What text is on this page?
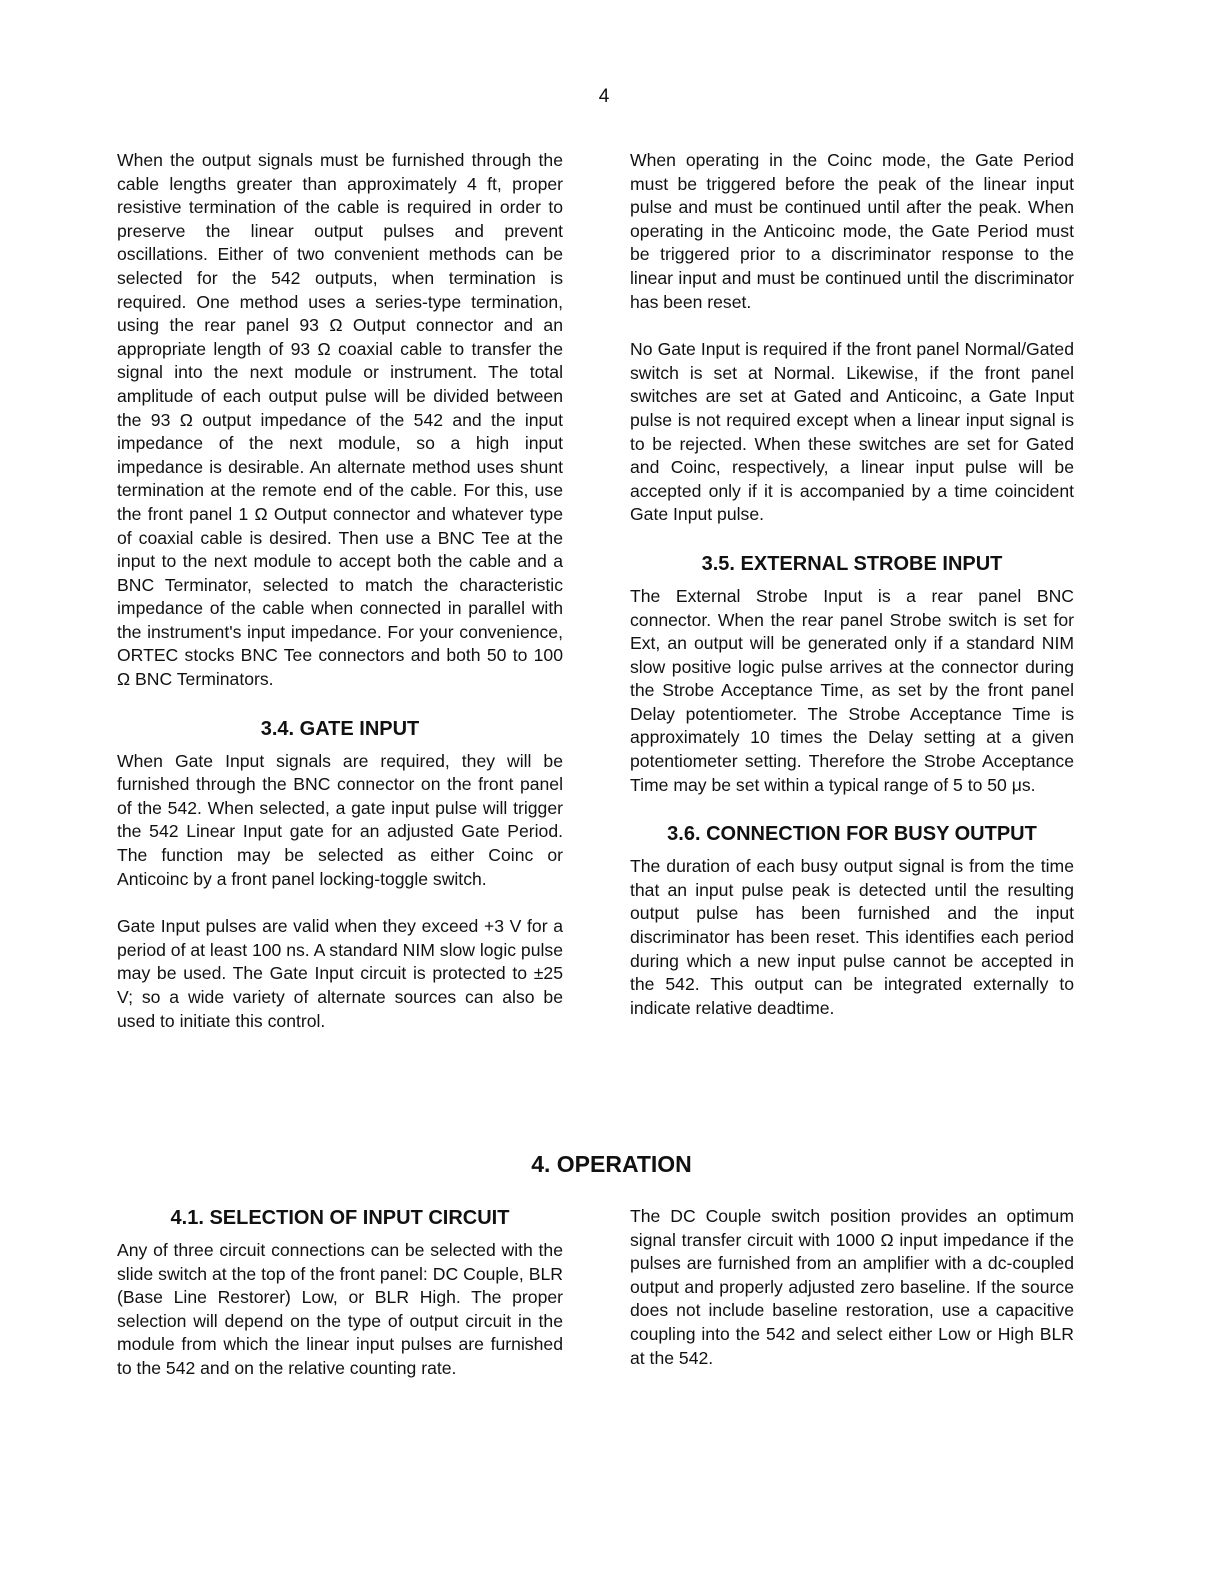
4

When the output signals must be furnished through the cable lengths greater than approximately 4 ft, proper resistive termination of the cable is required in order to preserve the linear output pulses and prevent oscillations. Either of two convenient methods can be selected for the 542 outputs, when termination is required. One method uses a series-type termination, using the rear panel 93 Ω Output connector and an appropriate length of 93 Ω coaxial cable to transfer the signal into the next module or instrument. The total amplitude of each output pulse will be divided between the 93 Ω output impedance of the 542 and the input impedance of the next module, so a high input impedance is desirable. An alternate method uses shunt termination at the remote end of the cable. For this, use the front panel 1 Ω Output connector and whatever type of coaxial cable is desired. Then use a BNC Tee at the input to the next module to accept both the cable and a BNC Terminator, selected to match the characteristic impedance of the cable when connected in parallel with the instrument's input impedance. For your convenience, ORTEC stocks BNC Tee connectors and both 50 to 100 Ω BNC Terminators.

3.4. GATE INPUT

When Gate Input signals are required, they will be furnished through the BNC connector on the front panel of the 542. When selected, a gate input pulse will trigger the 542 Linear Input gate for an adjusted Gate Period. The function may be selected as either Coinc or Anticoinc by a front panel locking-toggle switch.

Gate Input pulses are valid when they exceed +3 V for a period of at least 100 ns. A standard NIM slow logic pulse may be used. The Gate Input circuit is protected to ±25 V; so a wide variety of alternate sources can also be used to initiate this control.

When operating in the Coinc mode, the Gate Period must be triggered before the peak of the linear input pulse and must be continued until after the peak. When operating in the Anticoinc mode, the Gate Period must be triggered prior to a discriminator response to the linear input and must be continued until the discriminator has been reset.

No Gate Input is required if the front panel Normal/Gated switch is set at Normal. Likewise, if the front panel switches are set at Gated and Anticoinc, a Gate Input pulse is not required except when a linear input signal is to be rejected. When these switches are set for Gated and Coinc, respectively, a linear input pulse will be accepted only if it is accompanied by a time coincident Gate Input pulse.

3.5. EXTERNAL STROBE INPUT

The External Strobe Input is a rear panel BNC connector. When the rear panel Strobe switch is set for Ext, an output will be generated only if a standard NIM slow positive logic pulse arrives at the connector during the Strobe Acceptance Time, as set by the front panel Delay potentiometer. The Strobe Acceptance Time is approximately 10 times the Delay setting at a given potentiometer setting. Therefore the Strobe Acceptance Time may be set within a typical range of 5 to 50 μs.

3.6. CONNECTION FOR BUSY OUTPUT

The duration of each busy output signal is from the time that an input pulse peak is detected until the resulting output pulse has been furnished and the input discriminator has been reset. This identifies each period during which a new input pulse cannot be accepted in the 542. This output can be integrated externally to indicate relative deadtime.

4. OPERATION
4.1. SELECTION OF INPUT CIRCUIT

Any of three circuit connections can be selected with the slide switch at the top of the front panel: DC Couple, BLR (Base Line Restorer) Low, or BLR High. The proper selection will depend on the type of output circuit in the module from which the linear input pulses are furnished to the 542 and on the relative counting rate.

The DC Couple switch position provides an optimum signal transfer circuit with 1000 Ω input impedance if the pulses are furnished from an amplifier with a dc-coupled output and properly adjusted zero baseline. If the source does not include baseline restoration, use a capacitive coupling into the 542 and select either Low or High BLR at the 542.
